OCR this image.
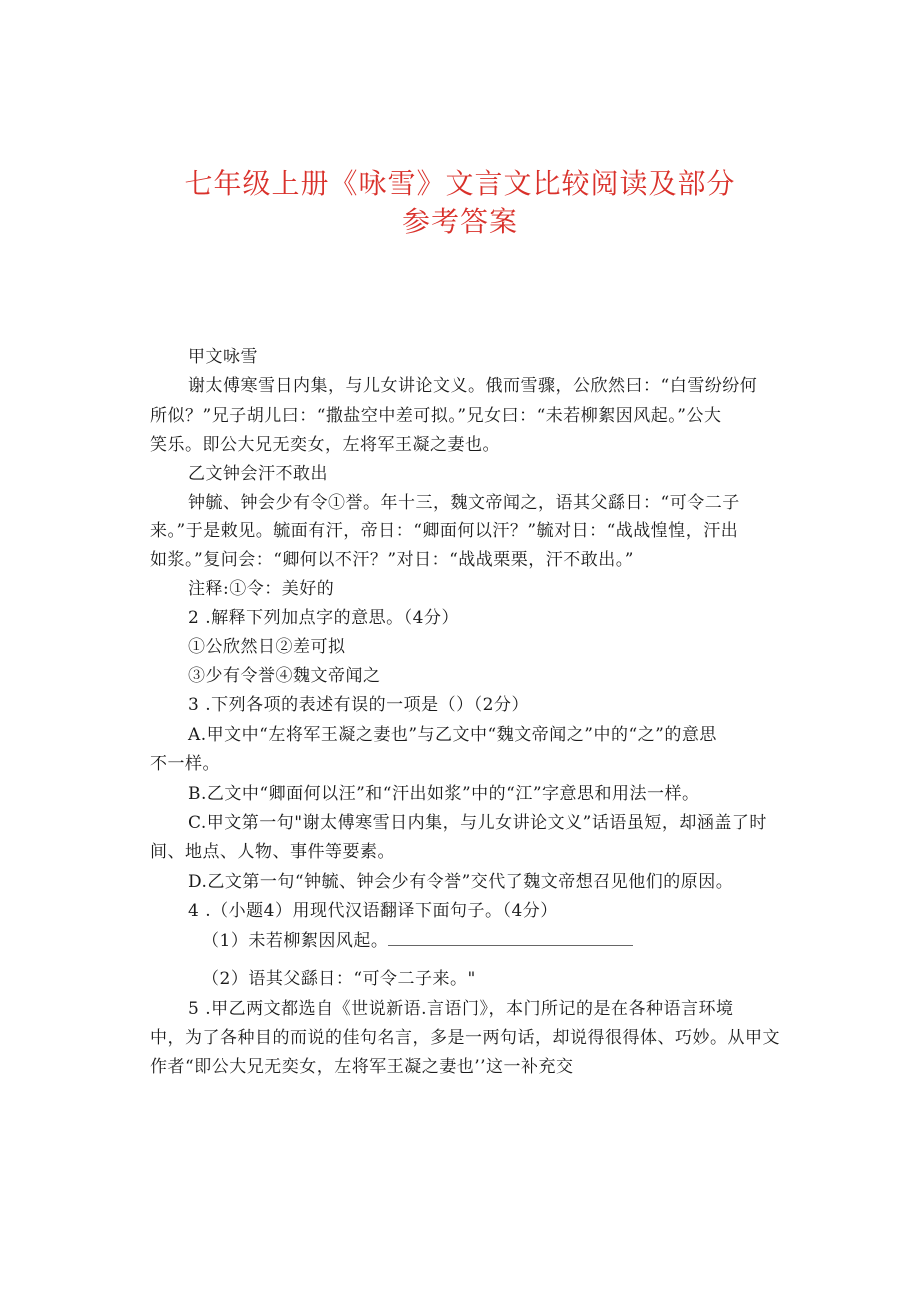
七年级上册《咏雪》文言文比较阅读及部分
参考答案
甲文咏雪
谢太傅寒雪日内集，与儿女讲论文义。俄而雪骤，公欣然曰：“白雪纷纷何
所似？”兄子胡儿曰：“撒盐空中差可拟。”兄女曰：“未若柳絮因风起。”公大
笑乐。即公大兄无奕女，左将军王凝之妻也。
乙文钟会汗不敢出
钟毓、钟会少有令①誉。年十三，魏文帝闻之，语其父繇日：“可令二子
来。”于是敕见。毓面有汗，帝日：“卿面何以汗？”毓对日：“战战惶惶，汗出
如浆。”复问会：“卿何以不汗？”对日：“战战栗栗，汗不敢出。”
注释:①令：美好的
2 .解释下列加点字的意思。（4分）
①公欣然日②差可拟
③少有令誉④魏文帝闻之
3 .下列各项的表述有误的一项是（）（2分）
A.甲文中“左将军王凝之妻也”与乙文中“魏文帝闻之”中的“之”的意思
不一样。
B.乙文中“卿面何以汪”和“汗出如浆”中的“江”字意思和用法一样。
C.甲文第一句"谢太傅寒雪日内集，与儿女讲论文义”话语虽短，却涵盖了时
间、地点、人物、事件等要素。
D.乙文第一句“钟毓、钟会少有令誉”交代了魏文帝想召见他们的原因。
4 .（小题4）用现代汉语翻译下面句子。（4分）
（1）未若柳絮因风起。
（2）语其父繇日：“可令二子来。"
5 .甲乙两文都选自《世说新语.言语门》，本门所记的是在各种语言环境
中，为了各种目的而说的佳句名言，多是一两句话，却说得很得体、巧妙。从甲文
作者“即公大兄无奕女，左将军王凝之妻也’’这一补充交
